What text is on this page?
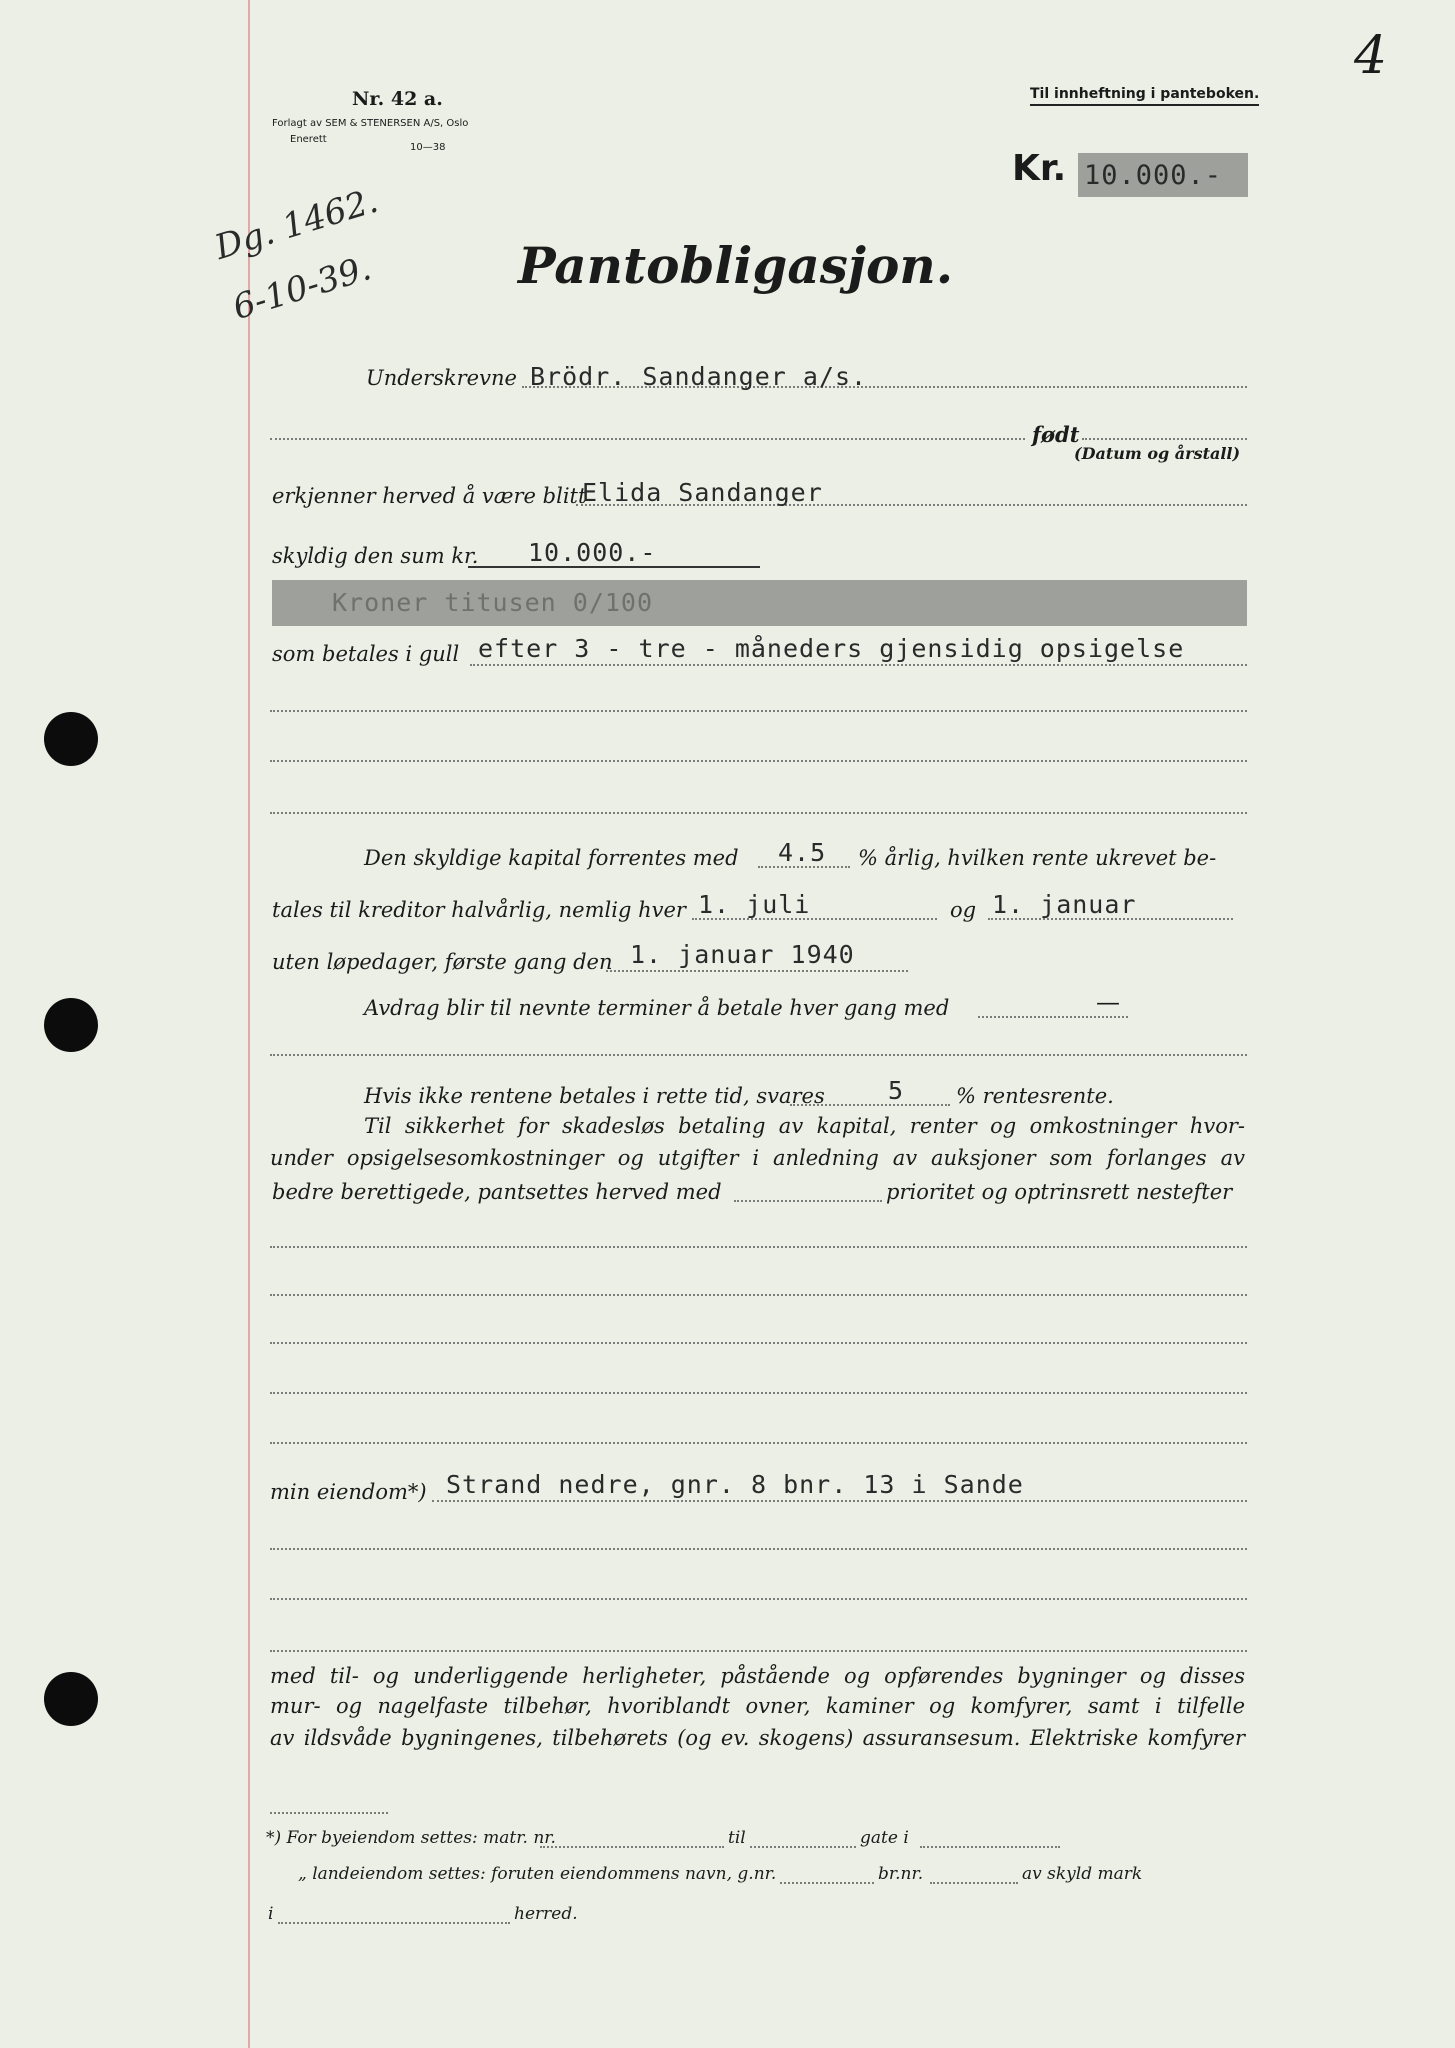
Nr. 42 a.
Forlagt av SEM & STENERSEN A/S, Oslo
Enerett
10—38
Til innheftning i panteboken.
4
Kr. 10.000.-
Dg. 1462.
6-10-39.	Pantobligasjon.
Underskrevne Brödr. Sandanger a/s.
født
(Datum og årstall)
erkjenner herved å være blitt
Elida Sandanger
skyldig den sum kr. 10.000.-
Kroner titusen 0/100
som betales i gull efter 3 - tre - måneders gjensidig opsigelse
Den skyldige kapital forrentes med 4.5 % årlig, hvilken rente ukrevet be-
tales til kreditor halvårlig, nemlig hver 1. juli	og 1. januar
uten løpedager, første gang den 1. januar 1940
Avdrag blir til nevnte terminer å betale hver gang med	—
Hvis ikke rentene betales i rette tid, svares	5 % rentesrente.
Til sikkerhet for skadesløs betaling av kapital, renter og omkostninger hvor-
under opsigelsesomkostninger og utgifter i anledning av auksjoner som forlanges av
bedre berettigede, pantsettes herved med	prioritet og optrinsrett nestefter
min eiendom*) Strand nedre, gnr. 8 bnr. 13 i Sande
med til- og underliggende herligheter, påstående og opførendes bygninger og disses
mur- og nagelfaste tilbehør, hvoriblandt ovner, kaminer og komfyrer, samt i tilfelle
av ildsvåde bygningenes, tilbehørets (og ev. skogens) assuransesum. Elektriske komfyrer
*) For byeiendom settes: matr. nr.	til	gate i
„ landeiendom settes: foruten eiendommens navn, g.nr.	br.nr.	av skyld mark
i	herred.
